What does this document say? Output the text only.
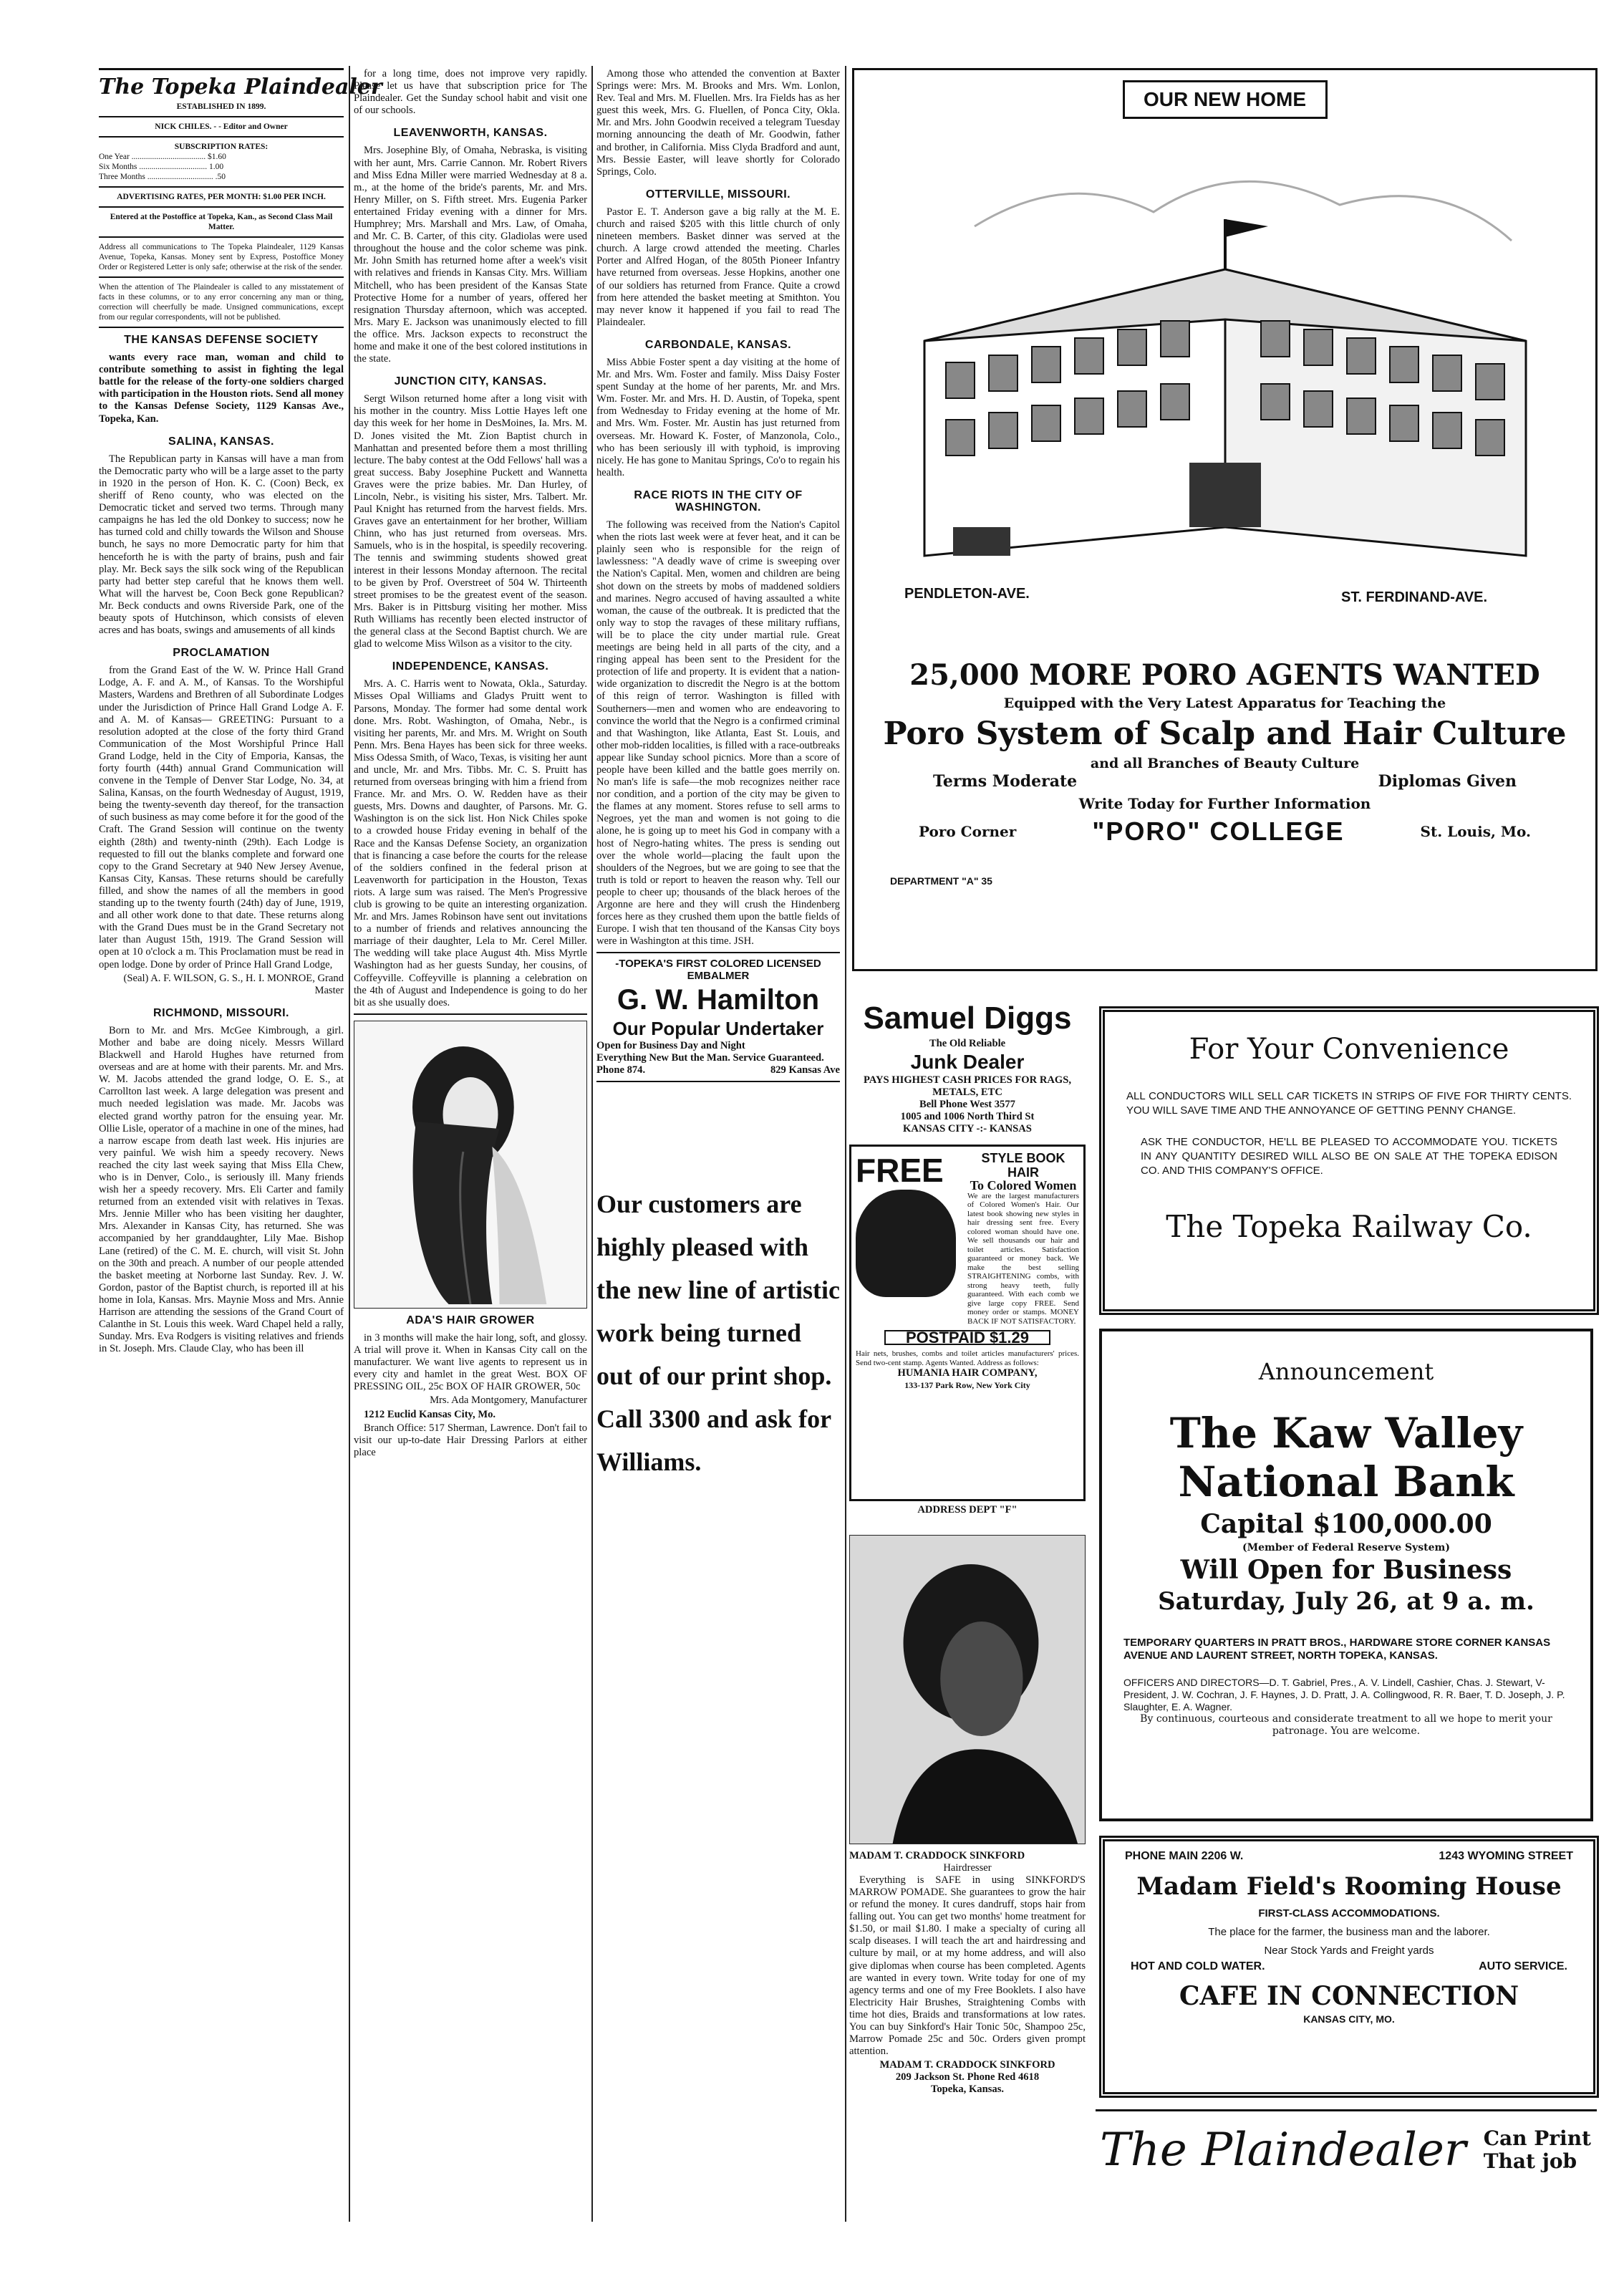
The Topeka Plaindealer
ESTABLISHED IN 1899.
NICK CHILES. - - Editor and Owner
SUBSCRIPTION RATES:
One Year .................................... $1.60
Six Months ................................. 1.00
Three Months ................................ .50
ADVERTISING RATES, PER MONTH: $1.00 PER INCH.
Entered at the Postoffice at Topeka, Kan., as Second Class Mail Matter.
Address all communications to The Topeka Plaindealer, 1129 Kansas Avenue, Topeka, Kansas. Money sent by Express, Postoffice Money Order or Registered Letter is only safe; otherwise at the risk of the sender.
When the attention of The Plaindealer is called to any misstatement of facts in these columns, or to any error concerning any man or thing, correction will cheerfully be made. Unsigned communications, except from our regular correspondents, will not be published.
THE KANSAS DEFENSE SOCIETY

wants every race man, woman and child to contribute something to assist in fighting the legal battle for the release of the forty-one soldiers charged with participation in the Houston riots. Send all money to the Kansas Defense Society, 1129 Kansas Ave., Topeka, Kan.

SALINA, KANSAS.

The Republican party in Kansas will have a man from the Democratic party who will be a large asset to the party in 1920 in the person of Hon. K. C. (Coon) Beck, ex sheriff of Reno county, who was elected on the Democratic ticket and served two terms. Through many campaigns he has led the old Donkey to success; now he has turned cold and chilly towards the Wilson and Shouse bunch, he says no more Democratic party for him that henceforth he is with the party of brains, push and fair play. Mr. Beck says the silk sock wing of the Republican party had better step careful that he knows them well. What will the harvest be, Coon Beck gone Republican? Mr. Beck conducts and owns Riverside Park, one of the beauty spots of Hutchinson, which consists of eleven acres and has boats, swings and amusements of all kinds

PROCLAMATION

from the Grand East of the W. W. Prince Hall Grand Lodge, A. F. and A. M., of Kansas. To the Worshipful Masters, Wardens and Brethren of all Subordinate Lodges under the Jurisdiction of Prince Hall Grand Lodge A. F. and A. M. of Kansas— GREETING: Pursuant to a resolution adopted at the close of the forty third Grand Communication of the Most Worshipful Prince Hall Grand Lodge, held in the City of Emporia, Kansas, the forty fourth (44th) annual Grand Communication will convene in the Temple of Denver Star Lodge, No. 34, at Salina, Kansas, on the fourth Wednesday of August, 1919, being the twenty-seventh day thereof, for the transaction of such business as may come before it for the good of the Craft. The Grand Session will continue on the twenty eighth (28th) and twenty-ninth (29th). Each Lodge is requested to fill out the blanks complete and forward one copy to the Grand Secretary at 940 New Jersey Avenue, Kansas City, Kansas. These returns should be carefully filled, and show the names of all the members in good standing up to the twenty fourth (24th) day of June, 1919, and all other work done to that date. These returns along with the Grand Dues must be in the Grand Secretary not later than August 15th, 1919. The Grand Session will open at 10 o'clock a m. This Proclamation must be read in open lodge. Done by order of Prince Hall Grand Lodge,

(Seal) A. F. WILSON, G. S., H. I. MONROE, Grand Master

RICHMOND, MISSOURI.

Born to Mr. and Mrs. McGee Kimbrough, a girl. Mother and babe are doing nicely. Messrs Willard Blackwell and Harold Hughes have returned from overseas and are at home with their parents. Mr. and Mrs. W. M. Jacobs attended the grand lodge, O. E. S., at Carrollton last week. A large delegation was present and much needed legislation was made. Mr. Jacobs was elected grand worthy patron for the ensuing year. Mr. Ollie Lisle, operator of a machine in one of the mines, had a narrow escape from death last week. His injuries are very painful. We wish him a speedy recovery. News reached the city last week saying that Miss Ella Chew, who is in Denver, Colo., is seriously ill. Many friends wish her a speedy recovery. Mrs. Eli Carter and family returned from an extended visit with relatives in Texas. Mrs. Jennie Miller who has been visiting her daughter, Mrs. Alexander in Kansas City, has returned. She was accompanied by her granddaughter, Lily Mae. Bishop Lane (retired) of the C. M. E. church, will visit St. John on the 30th and preach. A number of our people attended the basket meeting at Norborne last Sunday. Rev. J. W. Gordon, pastor of the Baptist church, is reported ill at his home in Iola, Kansas. Mrs. Maynie Moss and Mrs. Annie Harrison are attending the sessions of the Grand Court of Calanthe in St. Louis this week. Ward Chapel held a rally, Sunday. Mrs. Eva Rodgers is visiting relatives and friends in St. Joseph. Mrs. Claude Clay, who has been ill

for a long time, does not improve very rapidly. Please let us have that subscription price for The Plaindealer. Get the Sunday school habit and visit one of our schools.

LEAVENWORTH, KANSAS.

Mrs. Josephine Bly, of Omaha, Nebraska, is visiting with her aunt, Mrs. Carrie Cannon. Mr. Robert Rivers and Miss Edna Miller were married Wednesday at 8 a. m., at the home of the bride's parents, Mr. and Mrs. Henry Miller, on S. Fifth street. Mrs. Eugenia Parker entertained Friday evening with a dinner for Mrs. Humphrey; Mrs. Marshall and Mrs. Law, of Omaha, and Mr. C. B. Carter, of this city. Gladiolas were used throughout the house and the color scheme was pink. Mr. John Smith has returned home after a week's visit with relatives and friends in Kansas City. Mrs. William Mitchell, who has been president of the Kansas State Protective Home for a number of years, offered her resignation Thursday afternoon, which was accepted. Mrs. Mary E. Jackson was unanimously elected to fill the office. Mrs. Jackson expects to reconstruct the home and make it one of the best colored institutions in the state.

JUNCTION CITY, KANSAS.

Sergt Wilson returned home after a long visit with his mother in the country. Miss Lottie Hayes left one day this week for her home in DesMoines, Ia. Mrs. M. D. Jones visited the Mt. Zion Baptist church in Manhattan and presented before them a most thrilling lecture. The baby contest at the Odd Fellows' hall was a great success. Baby Josephine Puckett and Wannetta Graves were the prize babies. Mr. Dan Hurley, of Lincoln, Nebr., is visiting his sister, Mrs. Talbert. Mr. Paul Knight has returned from the harvest fields. Mrs. Graves gave an entertainment for her brother, William Chinn, who has just returned from overseas. Mrs. Samuels, who is in the hospital, is speedily recovering. The tennis and swimming students showed great interest in their lessons Monday afternoon. The recital to be given by Prof. Overstreet of 504 W. Thirteenth street promises to be the greatest event of the season. Mrs. Baker is in Pittsburg visiting her mother. Miss Ruth Williams has recently been elected instructor of the general class at the Second Baptist church. We are glad to welcome Miss Wilson as a visitor to the city.

INDEPENDENCE, KANSAS.

Mrs. A. C. Harris went to Nowata, Okla., Saturday. Misses Opal Williams and Gladys Pruitt went to Parsons, Monday. The former had some dental work done. Mrs. Robt. Washington, of Omaha, Nebr., is visiting her parents, Mr. and Mrs. M. Wright on South Penn. Mrs. Bena Hayes has been sick for three weeks. Miss Odessa Smith, of Waco, Texas, is visiting her aunt and uncle, Mr. and Mrs. Tibbs. Mr. C. S. Pruitt has returned from overseas bringing with him a friend from France. Mr. and Mrs. O. W. Redden have as their guests, Mrs. Downs and daughter, of Parsons. Mr. G. Washington is on the sick list. Hon Nick Chiles spoke to a crowded house Friday evening in behalf of the Race and the Kansas Defense Society, an organization that is financing a case before the courts for the release of the soldiers confined in the federal prison at Leavenworth for participation in the Houston, Texas riots. A large sum was raised. The Men's Progressive club is growing to be quite an interesting organization. Mr. and Mrs. James Robinson have sent out invitations to a number of friends and relatives announcing the marriage of their daughter, Lela to Mr. Cerel Miller. The wedding will take place August 4th. Miss Myrtle Washington had as her guests Sunday, her cousins, of Coffeyville. Coffeyville is planning a celebration on the 4th of August and Independence is going to do her bit as she usually does.

ADA'S HAIR GROWER

in 3 months will make the hair long, soft, and glossy. A trial will prove it. When in Kansas City call on the manufacturer. We want live agents to represent us in every city and hamlet in the great West. BOX OF PRESSING OIL, 25c BOX OF HAIR GROWER, 50c

Mrs. Ada Montgomery, Manufacturer

1212 Euclid Kansas City, Mo.

Branch Office: 517 Sherman, Lawrence. Don't fail to visit our up-to-date Hair Dressing Parlors at either place

Among those who attended the convention at Baxter Springs were: Mrs. M. Brooks and Mrs. Wm. Lonlon, Rev. Teal and Mrs. M. Fluellen. Mrs. Ira Fields has as her guest this week, Mrs. G. Fluellen, of Ponca City, Okla. Mr. and Mrs. John Goodwin received a telegram Tuesday morning announcing the death of Mr. Goodwin, father and brother, in California. Miss Clyda Bradford and aunt, Mrs. Bessie Easter, will leave shortly for Colorado Springs, Colo.

OTTERVILLE, MISSOURI.

Pastor E. T. Anderson gave a big rally at the M. E. church and raised $205 with this little church of only nineteen members. Basket dinner was served at the church. A large crowd attended the meeting. Charles Porter and Alfred Hogan, of the 805th Pioneer Infantry have returned from overseas. Jesse Hopkins, another one of our soldiers has returned from France. Quite a crowd from here attended the basket meeting at Smithton. You may never know it happened if you fail to read The Plaindealer.

CARBONDALE, KANSAS.

Miss Abbie Foster spent a day visiting at the home of Mr. and Mrs. Wm. Foster and family. Miss Daisy Foster spent Sunday at the home of her parents, Mr. and Mrs. Wm. Foster. Mr. and Mrs. H. D. Austin, of Topeka, spent from Wednesday to Friday evening at the home of Mr. and Mrs. Wm. Foster. Mr. Austin has just returned from overseas. Mr. Howard K. Foster, of Manzonola, Colo., who has been seriously ill with typhoid, is improving nicely. He has gone to Manitau Springs, Co'o to regain his health.

RACE RIOTS IN THE CITY OF WASHINGTON.

The following was received from the Nation's Capitol when the riots last week were at fever heat, and it can be plainly seen who is responsible for the reign of lawlessness: "A deadly wave of crime is sweeping over the Nation's Capital. Men, women and children are being shot down on the streets by mobs of maddened soldiers and marines. Negro accused of having assaulted a white woman, the cause of the outbreak. It is predicted that the only way to stop the ravages of these military ruffians, will be to place the city under martial rule. Great meetings are being held in all parts of the city, and a ringing appeal has been sent to the President for the protection of life and property. It is evident that a nation-wide organization to discredit the Negro is at the bottom of this reign of terror. Washington is filled with Southerners—men and women who are endeavoring to convince the world that the Negro is a confirmed criminal and that Washington, like Atlanta, East St. Louis, and other mob-ridden localities, is filled with a race-outbreaks appear like Sunday school picnics. More than a score of people have been killed and the battle goes merrily on. No man's life is safe—the mob recognizes neither race nor condition, and a portion of the city may be given to the flames at any moment. Stores refuse to sell arms to Negroes, yet the man and women is not going to die alone, he is going up to meet his God in company with a host of Negro-hating whites. The press is sending out over the whole world—placing the fault upon the shoulders of the Negroes, but we are going to see that the truth is told or report to heaven the reason why. Tell our people to cheer up; thousands of the black heroes of the Argonne are here and they will crush the Hindenberg forces here as they crushed them upon the battle fields of Europe. I wish that ten thousand of the Kansas City boys were in Washington at this time. JSH.

-TOPEKA'S FIRST COLORED LICENSED EMBALMER
G. W. Hamilton
Our Popular Undertaker
Open for Business Day and Night
Everything New But the Man. Service Guaranteed.
Phone 874.	829 Kansas Ave
Our customers are highly pleased with the new line of artistic work being turned out of our print shop. Call 3300 and ask for Williams.
Samuel Diggs
The Old Reliable
Junk Dealer
PAYS HIGHEST CASH PRICES FOR RAGS, METALS, ETC
Bell Phone West 3577
1005 and 1006 North Third St
KANSAS CITY -:- KANSAS
FREE	STYLE BOOK HAIR
To Colored Women
We are the largest manufacturers of Colored Women's Hair. Our latest book showing new styles in hair dressing sent free. Every colored woman should have one. We sell thousands our hair and toilet articles. Satisfaction guaranteed or money back. We make the best selling STRAIGHTENING combs, with strong heavy teeth, fully guaranteed. With each comb we give large copy FREE. Send money order or stamps. MONEY BACK IF NOT SATISFACTORY.
POSTPAID $1.29
Hair nets, brushes, combs and toilet articles manufacturers' prices. Send two-cent stamp. Agents Wanted. Address as follows:
HUMANIA HAIR COMPANY,
133-137 Park Row, New York City
ADDRESS DEPT "F"
MADAM T. CRADDOCK SINKFORD
Hairdresser

Everything is SAFE in using SINKFORD'S MARROW POMADE. She guarantees to grow the hair or refund the money. It cures dandruff, stops hair from falling out. You can get two months' home treatment for $1.50, or mail $1.80. I make a specialty of curing all scalp diseases. I will teach the art and hairdressing and culture by mail, or at my home address, and will also give diplomas when course has been completed. Agents are wanted in every town. Write today for one of my agency terms and one of my Free Booklets. I also have Electricity Hair Brushes, Straightening Combs with time hot dies, Braids and transformations at low rates. You can buy Sinkford's Hair Tonic 50c, Shampoo 25c, Marrow Pomade 25c and 50c. Orders given prompt attention.

MADAM T. CRADDOCK SINKFORD
209 Jackson St. Phone Red 4618
Topeka, Kansas.
OUR NEW HOME
PENDLETON-AVE.	ST. FERDINAND-AVE.
25,000 MORE PORO AGENTS WANTED
Equipped with the Very Latest Apparatus for Teaching the
Poro System of Scalp and Hair Culture
and all Branches of Beauty Culture
Terms Moderate	Diplomas Given
Write Today for Further Information
Poro Corner	"PORO" COLLEGE	St. Louis, Mo.
DEPARTMENT "A" 35
For Your Convenience
ALL CONDUCTORS WILL SELL CAR TICKETS IN STRIPS OF FIVE FOR THIRTY CENTS. YOU WILL SAVE TIME AND THE ANNOYANCE OF GETTING PENNY CHANGE.
ASK THE CONDUCTOR, HE'LL BE PLEASED TO ACCOMMODATE YOU. TICKETS IN ANY QUANTITY DESIRED WILL ALSO BE ON SALE AT THE TOPEKA EDISON CO. AND THIS COMPANY'S OFFICE.
The Topeka Railway Co.
Announcement
The Kaw Valley
National Bank
Capital $100,000.00
(Member of Federal Reserve System)
Will Open for Business
Saturday, July 26, at 9 a. m.
TEMPORARY QUARTERS IN PRATT BROS., HARDWARE STORE CORNER KANSAS AVENUE AND LAURENT STREET, NORTH TOPEKA, KANSAS.
OFFICERS AND DIRECTORS—D. T. Gabriel, Pres., A. V. Lindell, Cashier, Chas. J. Stewart, V-President, J. W. Cochran, J. F. Haynes, J. D. Pratt, J. A. Collingwood, R. R. Baer, T. D. Joseph, J. P. Slaughter, E. A. Wagner.
By continuous, courteous and considerate treatment to all we hope to merit your patronage. You are welcome.
PHONE MAIN 2206 W.	1243 WYOMING STREET
Madam Field's Rooming House
FIRST-CLASS ACCOMMODATIONS.
The place for the farmer, the business man and the laborer.
Near Stock Yards and Freight yards
HOT AND COLD WATER.	AUTO SERVICE.
CAFE IN CONNECTION
KANSAS CITY, MO.
The Plaindealer Can Print
That job
